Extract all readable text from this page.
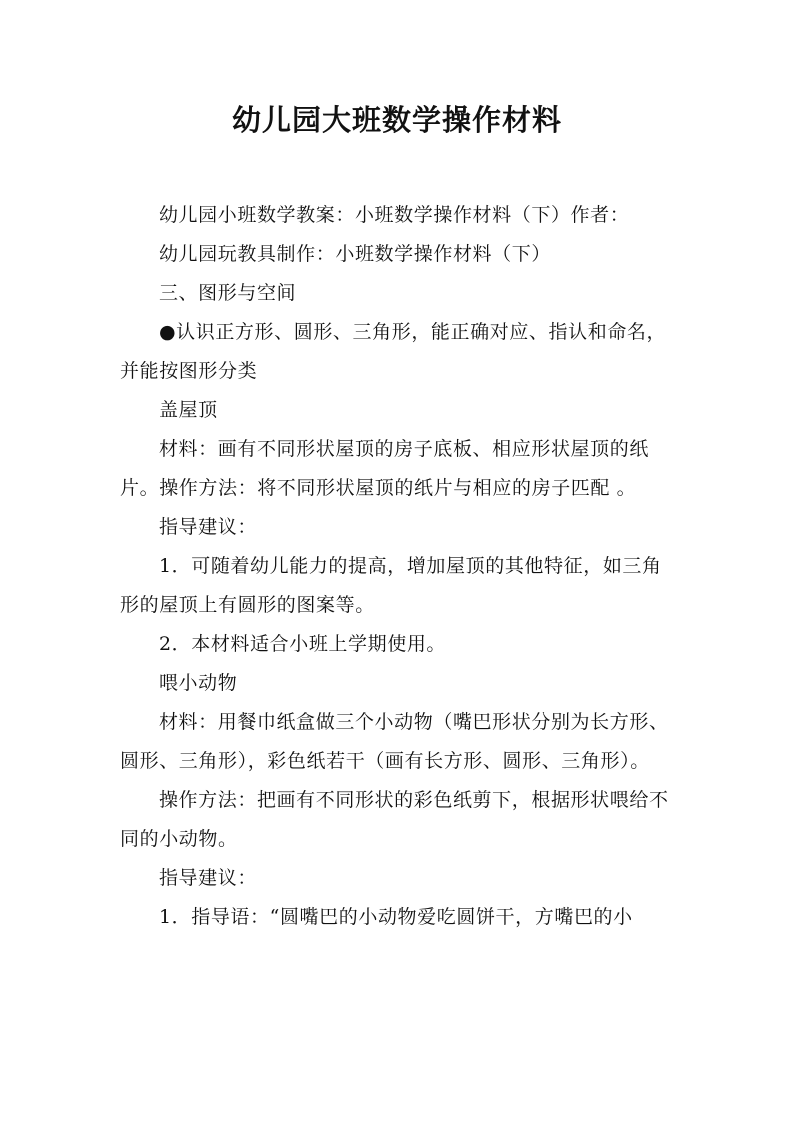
幼儿园大班数学操作材料

幼儿园小班数学教案：小班数学操作材料（下）作者：

幼儿园玩教具制作：小班数学操作材料（下）

三、图形与空间

●认识正方形、圆形、三角形，能正确对应、指认和命名，并能按图形分类

盖屋顶

材料：画有不同形状屋顶的房子底板、相应形状屋顶的纸片。操作方法：将不同形状屋顶的纸片与相应的房子匹配 。

指导建议：

1．可随着幼儿能力的提高，增加屋顶的其他特征，如三角形的屋顶上有圆形的图案等。

2．本材料适合小班上学期使用。

喂小动物

材料：用餐巾纸盒做三个小动物（嘴巴形状分别为长方形、圆形、三角形），彩色纸若干（画有长方形、圆形、三角形）。

操作方法：把画有不同形状的彩色纸剪下，根据形状喂给不同的小动物。

指导建议：

1．指导语：“圆嘴巴的小动物爱吃圆饼干，方嘴巴的小
